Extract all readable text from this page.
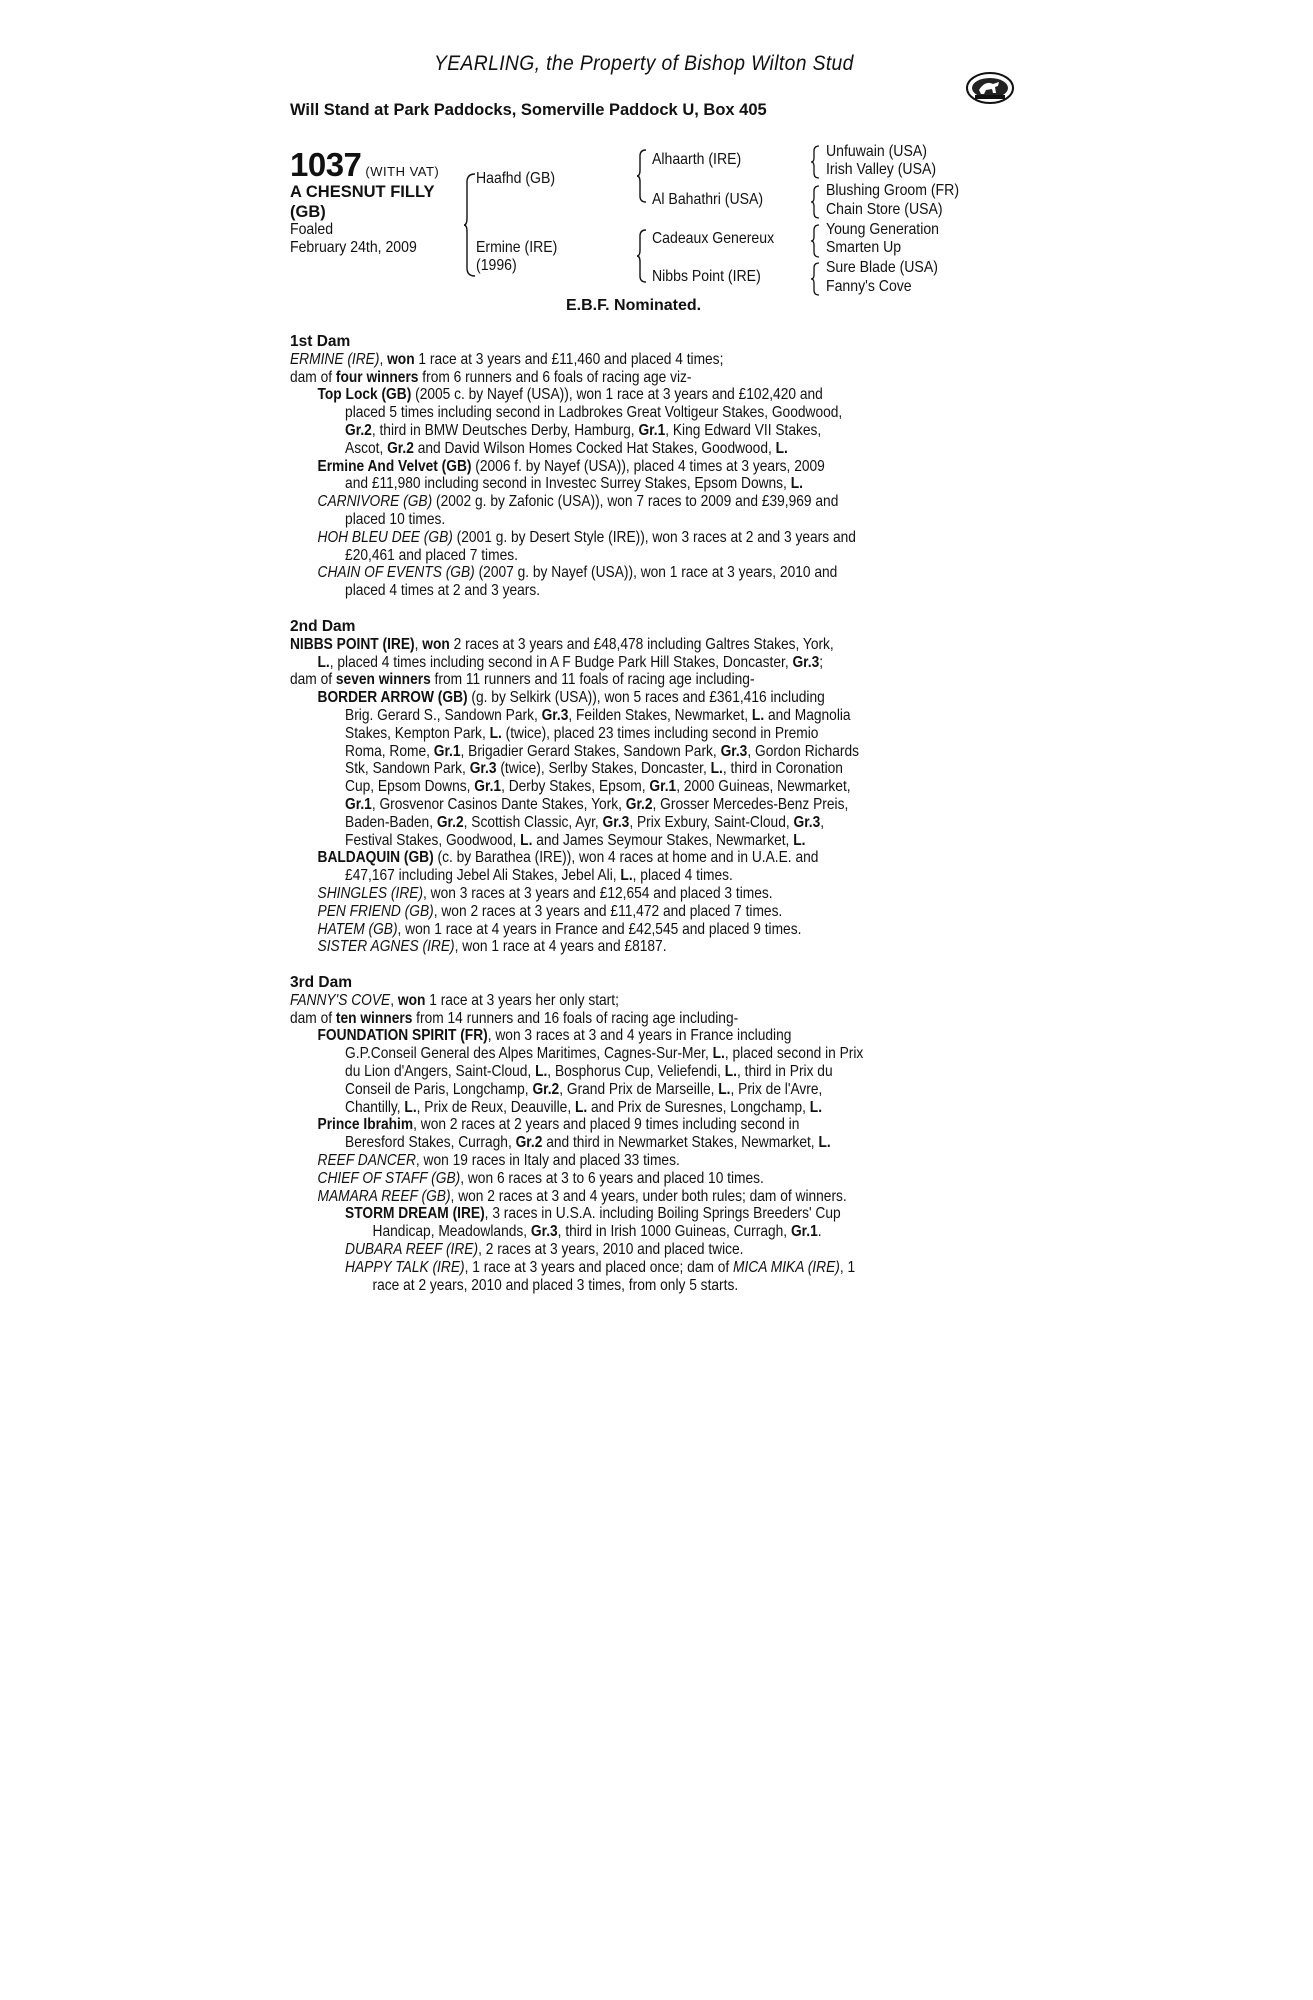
YEARLING, the Property of Bishop Wilton Stud
Will Stand at Park Paddocks, Somerville Paddock U, Box 405
1037 (WITH VAT)
A CHESNUT FILLY
(GB)
Foaled
February 24th, 2009
Haafhd (GB)
Ermine (IRE)
(1996)
Alhaarth (IRE)
Al Bahathri (USA)
Cadeaux Genereux
Nibbs Point (IRE)
Unfuwain (USA)
Irish Valley (USA)
Blushing Groom (FR)
Chain Store (USA)
Young Generation
Smarten Up
Sure Blade (USA)
Fanny's Cove
E.B.F. Nominated.
1st Dam
ERMINE (IRE), won 1 race at 3 years and £11,460 and placed 4 times;
dam of four winners from 6 runners and 6 foals of racing age viz-
Top Lock (GB) (2005 c. by Nayef (USA)), won 1 race at 3 years and £102,420 and
placed 5 times including second in Ladbrokes Great Voltigeur Stakes, Goodwood,
Gr.2, third in BMW Deutsches Derby, Hamburg, Gr.1, King Edward VII Stakes,
Ascot, Gr.2 and David Wilson Homes Cocked Hat Stakes, Goodwood, L.
Ermine And Velvet (GB) (2006 f. by Nayef (USA)), placed 4 times at 3 years, 2009
and £11,980 including second in Investec Surrey Stakes, Epsom Downs, L.
CARNIVORE (GB) (2002 g. by Zafonic (USA)), won 7 races to 2009 and £39,969 and
placed 10 times.
HOH BLEU DEE (GB) (2001 g. by Desert Style (IRE)), won 3 races at 2 and 3 years and
£20,461 and placed 7 times.
CHAIN OF EVENTS (GB) (2007 g. by Nayef (USA)), won 1 race at 3 years, 2010 and
placed 4 times at 2 and 3 years.
2nd Dam
NIBBS POINT (IRE), won 2 races at 3 years and £48,478 including Galtres Stakes, York,
L., placed 4 times including second in A F Budge Park Hill Stakes, Doncaster, Gr.3;
dam of seven winners from 11 runners and 11 foals of racing age including-
BORDER ARROW (GB) (g. by Selkirk (USA)), won 5 races and £361,416 including
Brig. Gerard S., Sandown Park, Gr.3, Feilden Stakes, Newmarket, L. and Magnolia
Stakes, Kempton Park, L. (twice), placed 23 times including second in Premio
Roma, Rome, Gr.1, Brigadier Gerard Stakes, Sandown Park, Gr.3, Gordon Richards
Stk, Sandown Park, Gr.3 (twice), Serlby Stakes, Doncaster, L., third in Coronation
Cup, Epsom Downs, Gr.1, Derby Stakes, Epsom, Gr.1, 2000 Guineas, Newmarket,
Gr.1, Grosvenor Casinos Dante Stakes, York, Gr.2, Grosser Mercedes-Benz Preis,
Baden-Baden, Gr.2, Scottish Classic, Ayr, Gr.3, Prix Exbury, Saint-Cloud, Gr.3,
Festival Stakes, Goodwood, L. and James Seymour Stakes, Newmarket, L.
BALDAQUIN (GB) (c. by Barathea (IRE)), won 4 races at home and in U.A.E. and
£47,167 including Jebel Ali Stakes, Jebel Ali, L., placed 4 times.
SHINGLES (IRE), won 3 races at 3 years and £12,654 and placed 3 times.
PEN FRIEND (GB), won 2 races at 3 years and £11,472 and placed 7 times.
HATEM (GB), won 1 race at 4 years in France and £42,545 and placed 9 times.
SISTER AGNES (IRE), won 1 race at 4 years and £8187.
3rd Dam
FANNY'S COVE, won 1 race at 3 years her only start;
dam of ten winners from 14 runners and 16 foals of racing age including-
FOUNDATION SPIRIT (FR), won 3 races at 3 and 4 years in France including
G.P.Conseil General des Alpes Maritimes, Cagnes-Sur-Mer, L., placed second in Prix
du Lion d'Angers, Saint-Cloud, L., Bosphorus Cup, Veliefendi, L., third in Prix du
Conseil de Paris, Longchamp, Gr.2, Grand Prix de Marseille, L., Prix de l'Avre,
Chantilly, L., Prix de Reux, Deauville, L. and Prix de Suresnes, Longchamp, L.
Prince Ibrahim, won 2 races at 2 years and placed 9 times including second in
Beresford Stakes, Curragh, Gr.2 and third in Newmarket Stakes, Newmarket, L.
REEF DANCER, won 19 races in Italy and placed 33 times.
CHIEF OF STAFF (GB), won 6 races at 3 to 6 years and placed 10 times.
MAMARA REEF (GB), won 2 races at 3 and 4 years, under both rules; dam of winners.
STORM DREAM (IRE), 3 races in U.S.A. including Boiling Springs Breeders' Cup
Handicap, Meadowlands, Gr.3, third in Irish 1000 Guineas, Curragh, Gr.1.
DUBARA REEF (IRE), 2 races at 3 years, 2010 and placed twice.
HAPPY TALK (IRE), 1 race at 3 years and placed once; dam of MICA MIKA (IRE), 1
race at 2 years, 2010 and placed 3 times, from only 5 starts.
